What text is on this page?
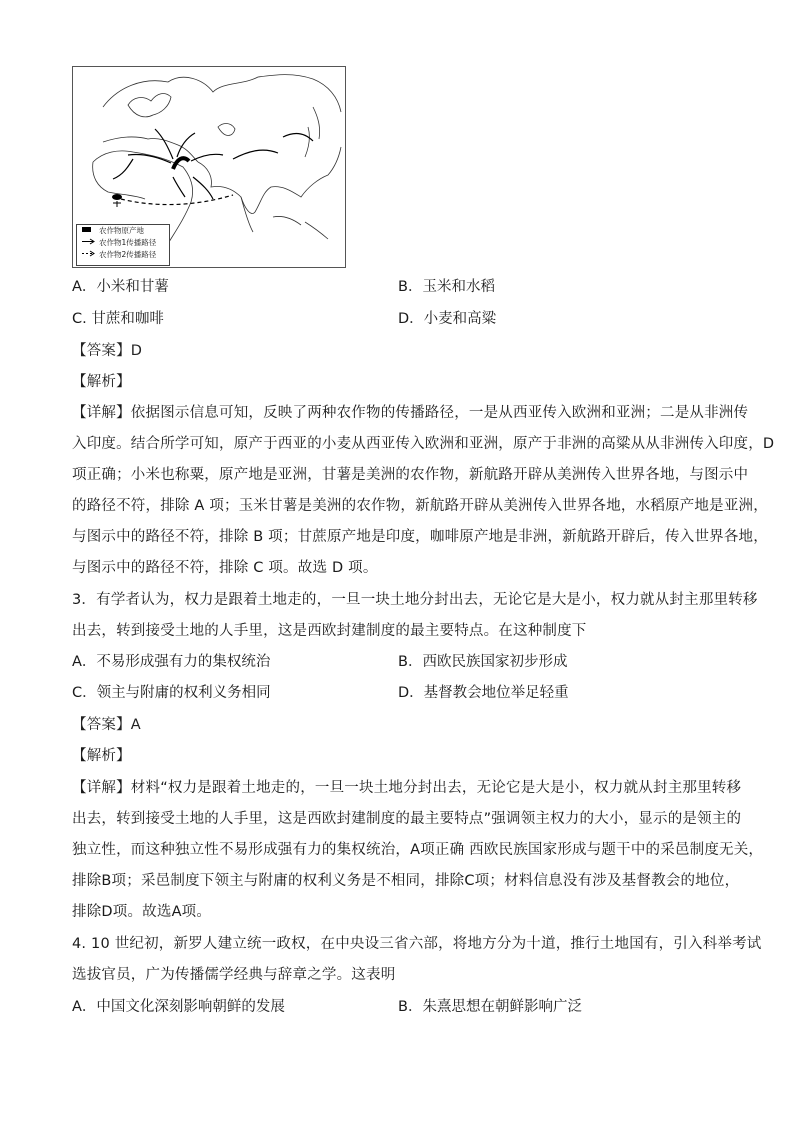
农作物原产地
农作物1传播路径
农作物2传播路径
A．小米和甘薯	B．玉米和水稻
C. 甘蔗和咖啡	D．小麦和高粱
【答案】D
【解析】
【详解】依据图示信息可知，反映了两种农作物的传播路径，一是从西亚传入欧洲和亚洲；二是从非洲传
入印度。结合所学可知，原产于西亚的小麦从西亚传入欧洲和亚洲，原产于非洲的高粱从从非洲传入印度，D
项正确；小米也称粟，原产地是亚洲，甘薯是美洲的农作物，新航路开辟从美洲传入世界各地，与图示中
的路径不符，排除 A 项；玉米甘薯是美洲的农作物，新航路开辟从美洲传入世界各地，水稻原产地是亚洲，
与图示中的路径不符，排除 B 项；甘蔗原产地是印度，咖啡原产地是非洲，新航路开辟后，传入世界各地，
与图示中的路径不符，排除 C 项。故选 D 项。
3．有学者认为，权力是跟着土地走的，一旦一块土地分封出去，无论它是大是小，权力就从封主那里转移
出去，转到接受土地的人手里，这是西欧封建制度的最主要特点。在这种制度下
A．不易形成强有力的集权统治	B．西欧民族国家初步形成
C．领主与附庸的权利义务相同	D．基督教会地位举足轻重
【答案】A
【解析】
【详解】材料“权力是跟着土地走的，一旦一块土地分封出去，无论它是大是小，权力就从封主那里转移
出去，转到接受土地的人手里，这是西欧封建制度的最主要特点”强调领主权力的大小，显示的是领主的
独立性，而这种独立性不易形成强有力的集权统治，A项正确 西欧民族国家形成与题干中的采邑制度无关，
排除B项；采邑制度下领主与附庸的权利义务是不相同，排除C项；材料信息没有涉及基督教会的地位，
排除D项。故选A项。
4. 10 世纪初，新罗人建立统一政权，在中央设三省六部，将地方分为十道，推行土地国有，引入科举考试
选拔官员，广为传播儒学经典与辞章之学。这表明
A．中国文化深刻影响朝鲜的发展	B．朱熹思想在朝鲜影响广泛
